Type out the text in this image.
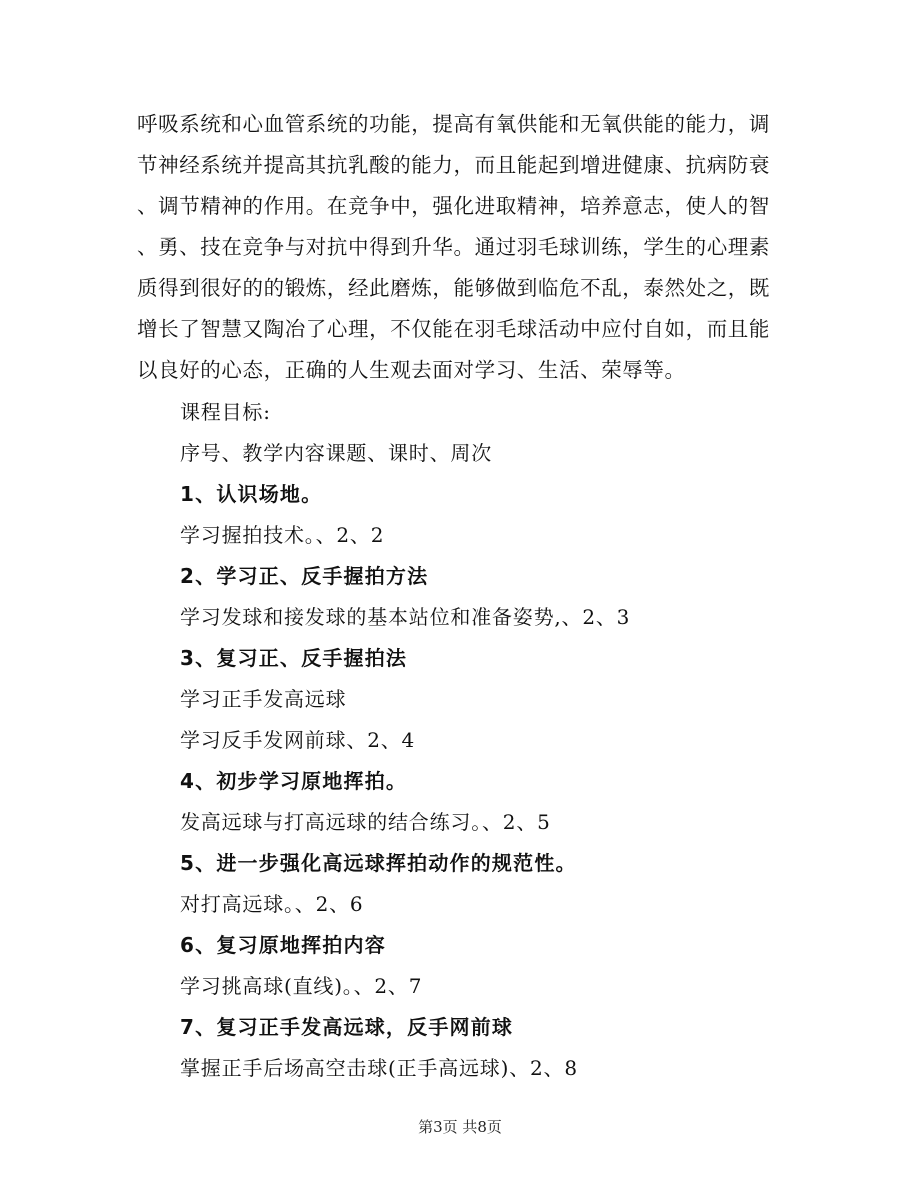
呼吸系统和心血管系统的功能，提高有氧供能和无氧供能的能力，调
节神经系统并提高其抗乳酸的能力，而且能起到增进健康、抗病防衰
、调节精神的作用。在竞争中，强化进取精神，培养意志，使人的智
、勇、技在竞争与对抗中得到升华。通过羽毛球训练，学生的心理素
质得到很好的的锻炼，经此磨炼，能够做到临危不乱，泰然处之，既
增长了智慧又陶冶了心理，不仅能在羽毛球活动中应付自如，而且能
以良好的心态，正确的人生观去面对学习、生活、荣辱等。
课程目标:
序号、教学内容课题、课时、周次
1、认识场地。
学习握拍技术。、2、2
2、学习正、反手握拍方法
学习发球和接发球的基本站位和准备姿势,、2、3
3、复习正、反手握拍法
学习正手发高远球
学习反手发网前球、2、4
4、初步学习原地挥拍。
发高远球与打高远球的结合练习。、2、5
5、进一步强化高远球挥拍动作的规范性。
对打高远球。、2、6
6、复习原地挥拍内容
学习挑高球(直线)。、2、7
7、复习正手发高远球，反手网前球
掌握正手后场高空击球(正手高远球)、2、8
第3页 共8页
